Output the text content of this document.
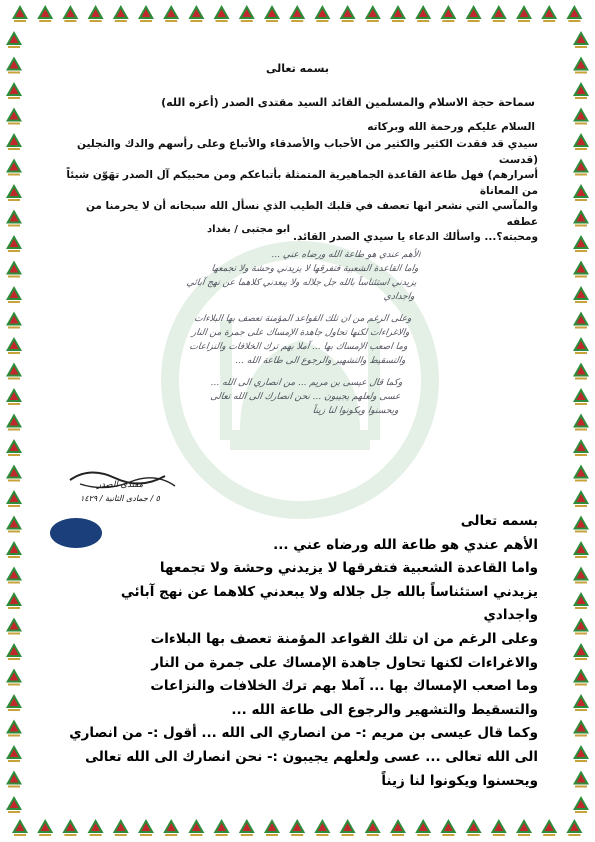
بسمه تعالى
سماحة حجة الاسلام والمسلمين القائد السيد مقتدى الصدر (أعزه الله)
السلام عليكم ورحمة الله وبركاته
سيدي قد فقدت الكثير والكثير من الأحباب والأصدقاء والأتباع وعلى رأسهم والدك والنجلين (قدست
أسرارهم) فهل طاعة القاعدة الجماهيرية المتمثلة بأتباعكم ومن محبيكم آل الصدر تهَوّن شيئاً من المعاناة
والمآسي التي نشعر انها تعصف في قلبك الطيب الذي نسأل الله سبحانه أن لا يحرمنا من عطفه
ومحبته؟... واسألك الدعاء يا سيدي الصدر القائد.
ابو مجتبى / بغداد
الأهم عندي هو طاعة الله ورضاه عني ...
واما القاعدة الشعبية فتفرقها لا يزيدني وحشة ولا تجمعها
يزيدني استئناساً بالله جل جلاله ولا يبعدني كلاهما عن نهج آبائي
واجدادي
وعلى الرغم من ان تلك القواعد المؤمنة تعصف بها البلاءات
والاغراءات لكنها تحاول جاهدة الإمساك على جمرة من النار
وما اصعب الإمساك بها ... آملا بهم ترك الخلافات والنزاعات
والتسقيط والتشهير والرجوع الى طاعة الله ...
وكما قال عيسى بن مريم ... من انصاري الى الله ...
عسى ولعلهم يجيبون ... نحن انصارك الى الله تعالى
ويحسنوا ويكونوا لنا زيناً
مقتدى الصدر
٥ / جمادى الثانية / ١٤٢٩
بسمه تعالى
الأهم عندي هو طاعة الله ورضاه عني ...
واما القاعدة الشعبية فتفرقها لا يزيدني وحشة ولا تجمعها
يزيدني استئناساً بالله جل جلاله ولا يبعدني كلاهما عن نهج آبائي
واجدادي
وعلى الرغم من ان تلك القواعد المؤمنة تعصف بها البلاءات
والاغراءات لكنها تحاول جاهدة الإمساك على جمرة من النار
وما اصعب الإمساك بها ... آملا بهم ترك الخلافات والنزاعات
والتسقيط والتشهير والرجوع الى طاعة الله ...
وكما قال عيسى بن مريم :- من انصاري الى الله ... أقول :- من انصاري
الى الله تعالى ... عسى ولعلهم يجيبون :- نحن انصارك الى الله تعالى
ويحسنوا ويكونوا لنا زيناً
